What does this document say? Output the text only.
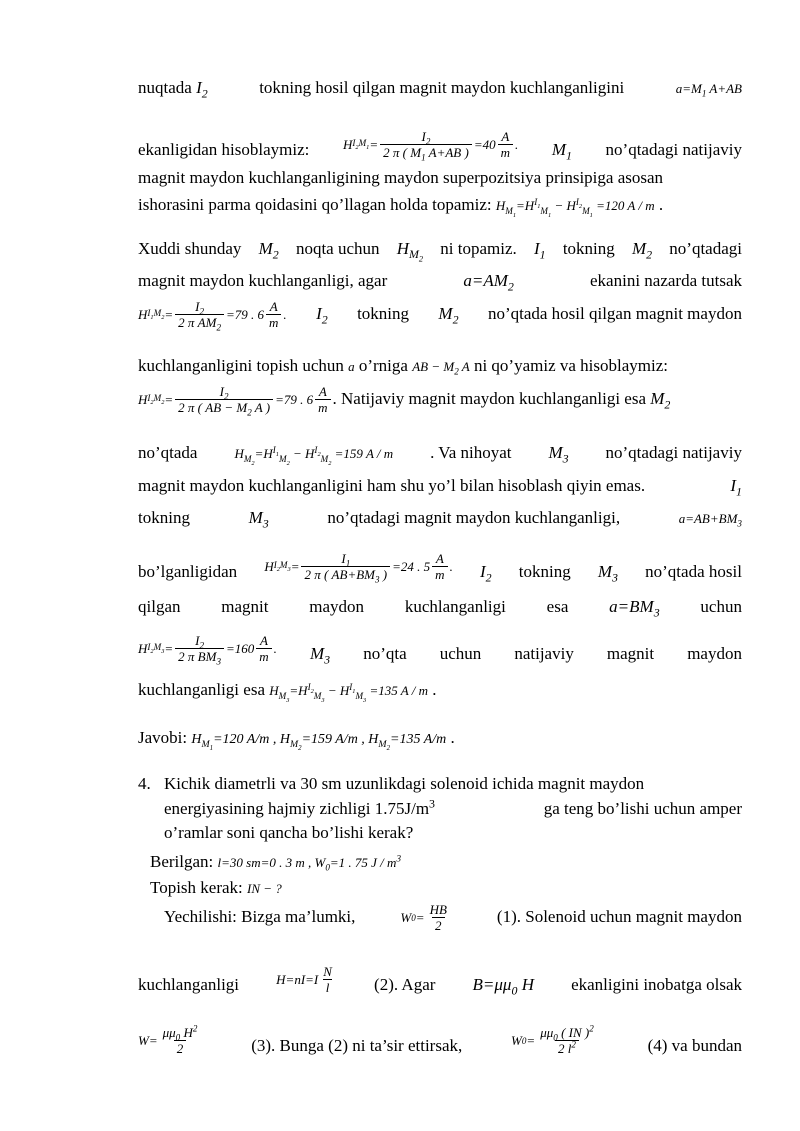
nuqtada $I_2$	tokning hosil qilgan magnit maydon kuchlanganligini	$a=M_1$ A+AB
ekanligidan hisoblaymiz:	H $I_2$ $M_1 = \frac{I_2}{2 \pi ( M_1 A+AB )} =40 \frac{A}{m}$ . $M_1$ no’qtadagi natijaviy
magnit maydon kuchlanganligining maydon superpozitsiya prinsipiga asosan
ishorasini parma qoidasini qo’llagan holda topamiz: $H_{M_1}=H^{I_1}_{M_1} - H^{I_2}_{M_1} =120$ A / m .
Xuddi shunday $M_2$ noqta uchun $H_{M_2}$
ni topamiz. $I_1$ tokning $M_2$ no’qtadagi
magnit maydon kuchlanganligi, agar	$a=AM_2$	ekanini nazarda tutsak
H $I_1$ $M_2 = \frac{I_2}{2 \pi AM_2} =79$ . $6 \frac{A}{m}$ . $I_2$ tokning $M_2$ no’qtada hosil qilgan magnit maydon
kuchlanganligini topish uchun a o’rniga AB − $M_2$ A ni qo’yamiz va hisoblaymiz:
H $I_2$ $M_2 = \frac{I_2}{2 \pi ( AB - M_2 A )} =79$ . $6 \frac{A}{m}$ . Natijaviy magnit maydon kuchlanganligi esa $M_2$
no’qtada	$H_{M_2}=H^{I_1}_{M_2} - H^{I_2}_{M_2} =159$ A / m . Va nihoyat $M_3$ no’qtadagi natijaviy
magnit maydon kuchlanganligini ham shu yo’l bilan hisoblash qiyin emas.	$I_1$
tokning	$M_3$	no’qtadagi magnit maydon kuchlanganligi,	$a=AB+BM_3$
bo’lganligidan H $I_2$ $M_3 = \frac{I_1}{2 \pi ( AB+BM_3 )} =24$ . $5 \frac{A}{m}$ . $I_2$ tokning $M_3$ no’qtada hosil
qilgan magnit maydon kuchlanganligi esa $a=BM_3$ uchun
H $I_2$ $M_3 = \frac{I_2}{2 \pi BM_3} =160 \frac{A}{m}$ . $M_3$ no’qta uchun natijaviy magnit maydon
kuchlanganligi esa $H_{M_3}=H^{I_2}_{M_3} - H^{I_1}_{M_3} =135$ A / m .
Javobi: $H_{M_1}=120$ A/m , $H_{M_2}=159$ A/m , $H_{M_2}=135$ A/m .
4. Kichik diametrli va 30 sm uzunlikdagi solenoid ichida magnit maydon
energiyasining hajmiy zichligi $1.75J/m^3$	ga teng bo’lishi uchun amper
o’ramlar soni qancha bo’lishi kerak?
Berilgan: l=30 sm=0 . 3 m , $W_0=1$ . 75 J / $m^3$
Topish kerak: IN − ?
Yechilishi: Bizga ma’lumki,	W $0 = \frac{HB}{2}$	(1). Solenoid uchun magnit maydon
kuchlanganligi	$H=nI=I \frac{N}{l} (2)$. Agar $B=\mu\mu_0$ H ekanligini inobatga olsak
$W= \frac{\mu\mu_0 H^2}{2}$	(3). Bunga (2) ni ta’sir ettirsak,	W $0 = \frac{\mu\mu_0 ( IN )^2}{2 l^2}$	(4) va bundan
